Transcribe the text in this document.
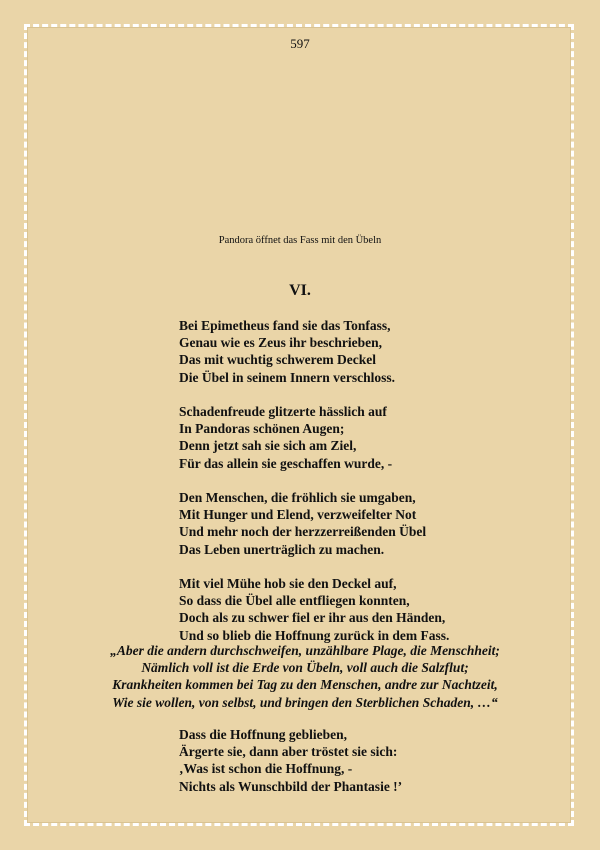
597
Pandora öffnet das Fass mit den Übeln
VI.
Bei Epimetheus fand sie das Tonfass,
Genau wie es Zeus ihr beschrieben,
Das mit wuchtig schwerem Deckel
Die Übel in seinem Innern verschloss.
Schadenfreude glitzerte hässlich auf
In Pandoras schönen Augen;
Denn jetzt sah sie sich am Ziel,
Für das allein sie geschaffen wurde, -
Den Menschen, die fröhlich sie umgaben,
Mit Hunger und Elend, verzweifelter Not
Und mehr noch der herzzerreißenden Übel
Das Leben unerträglich zu machen.
Mit viel Mühe hob sie den Deckel auf,
So dass die Übel alle entfliegen konnten,
Doch als zu schwer fiel er ihr aus den Händen,
Und so blieb die Hoffnung zurück in dem Fass.
„Aber die andern durchschweifen, unzählbare Plage, die Menschheit;
Nämlich voll ist die Erde von Übeln, voll auch die Salzflut;
Krankheiten kommen bei Tag zu den Menschen, andre zur Nachtzeit,
Wie sie wollen, von selbst, und bringen den Sterblichen Schaden, …“
Dass die Hoffnung geblieben,
Ärgerte sie, dann aber tröstet sie sich:
‚Was ist schon die Hoffnung, -
Nichts als Wunschbild der Phantasie !’
